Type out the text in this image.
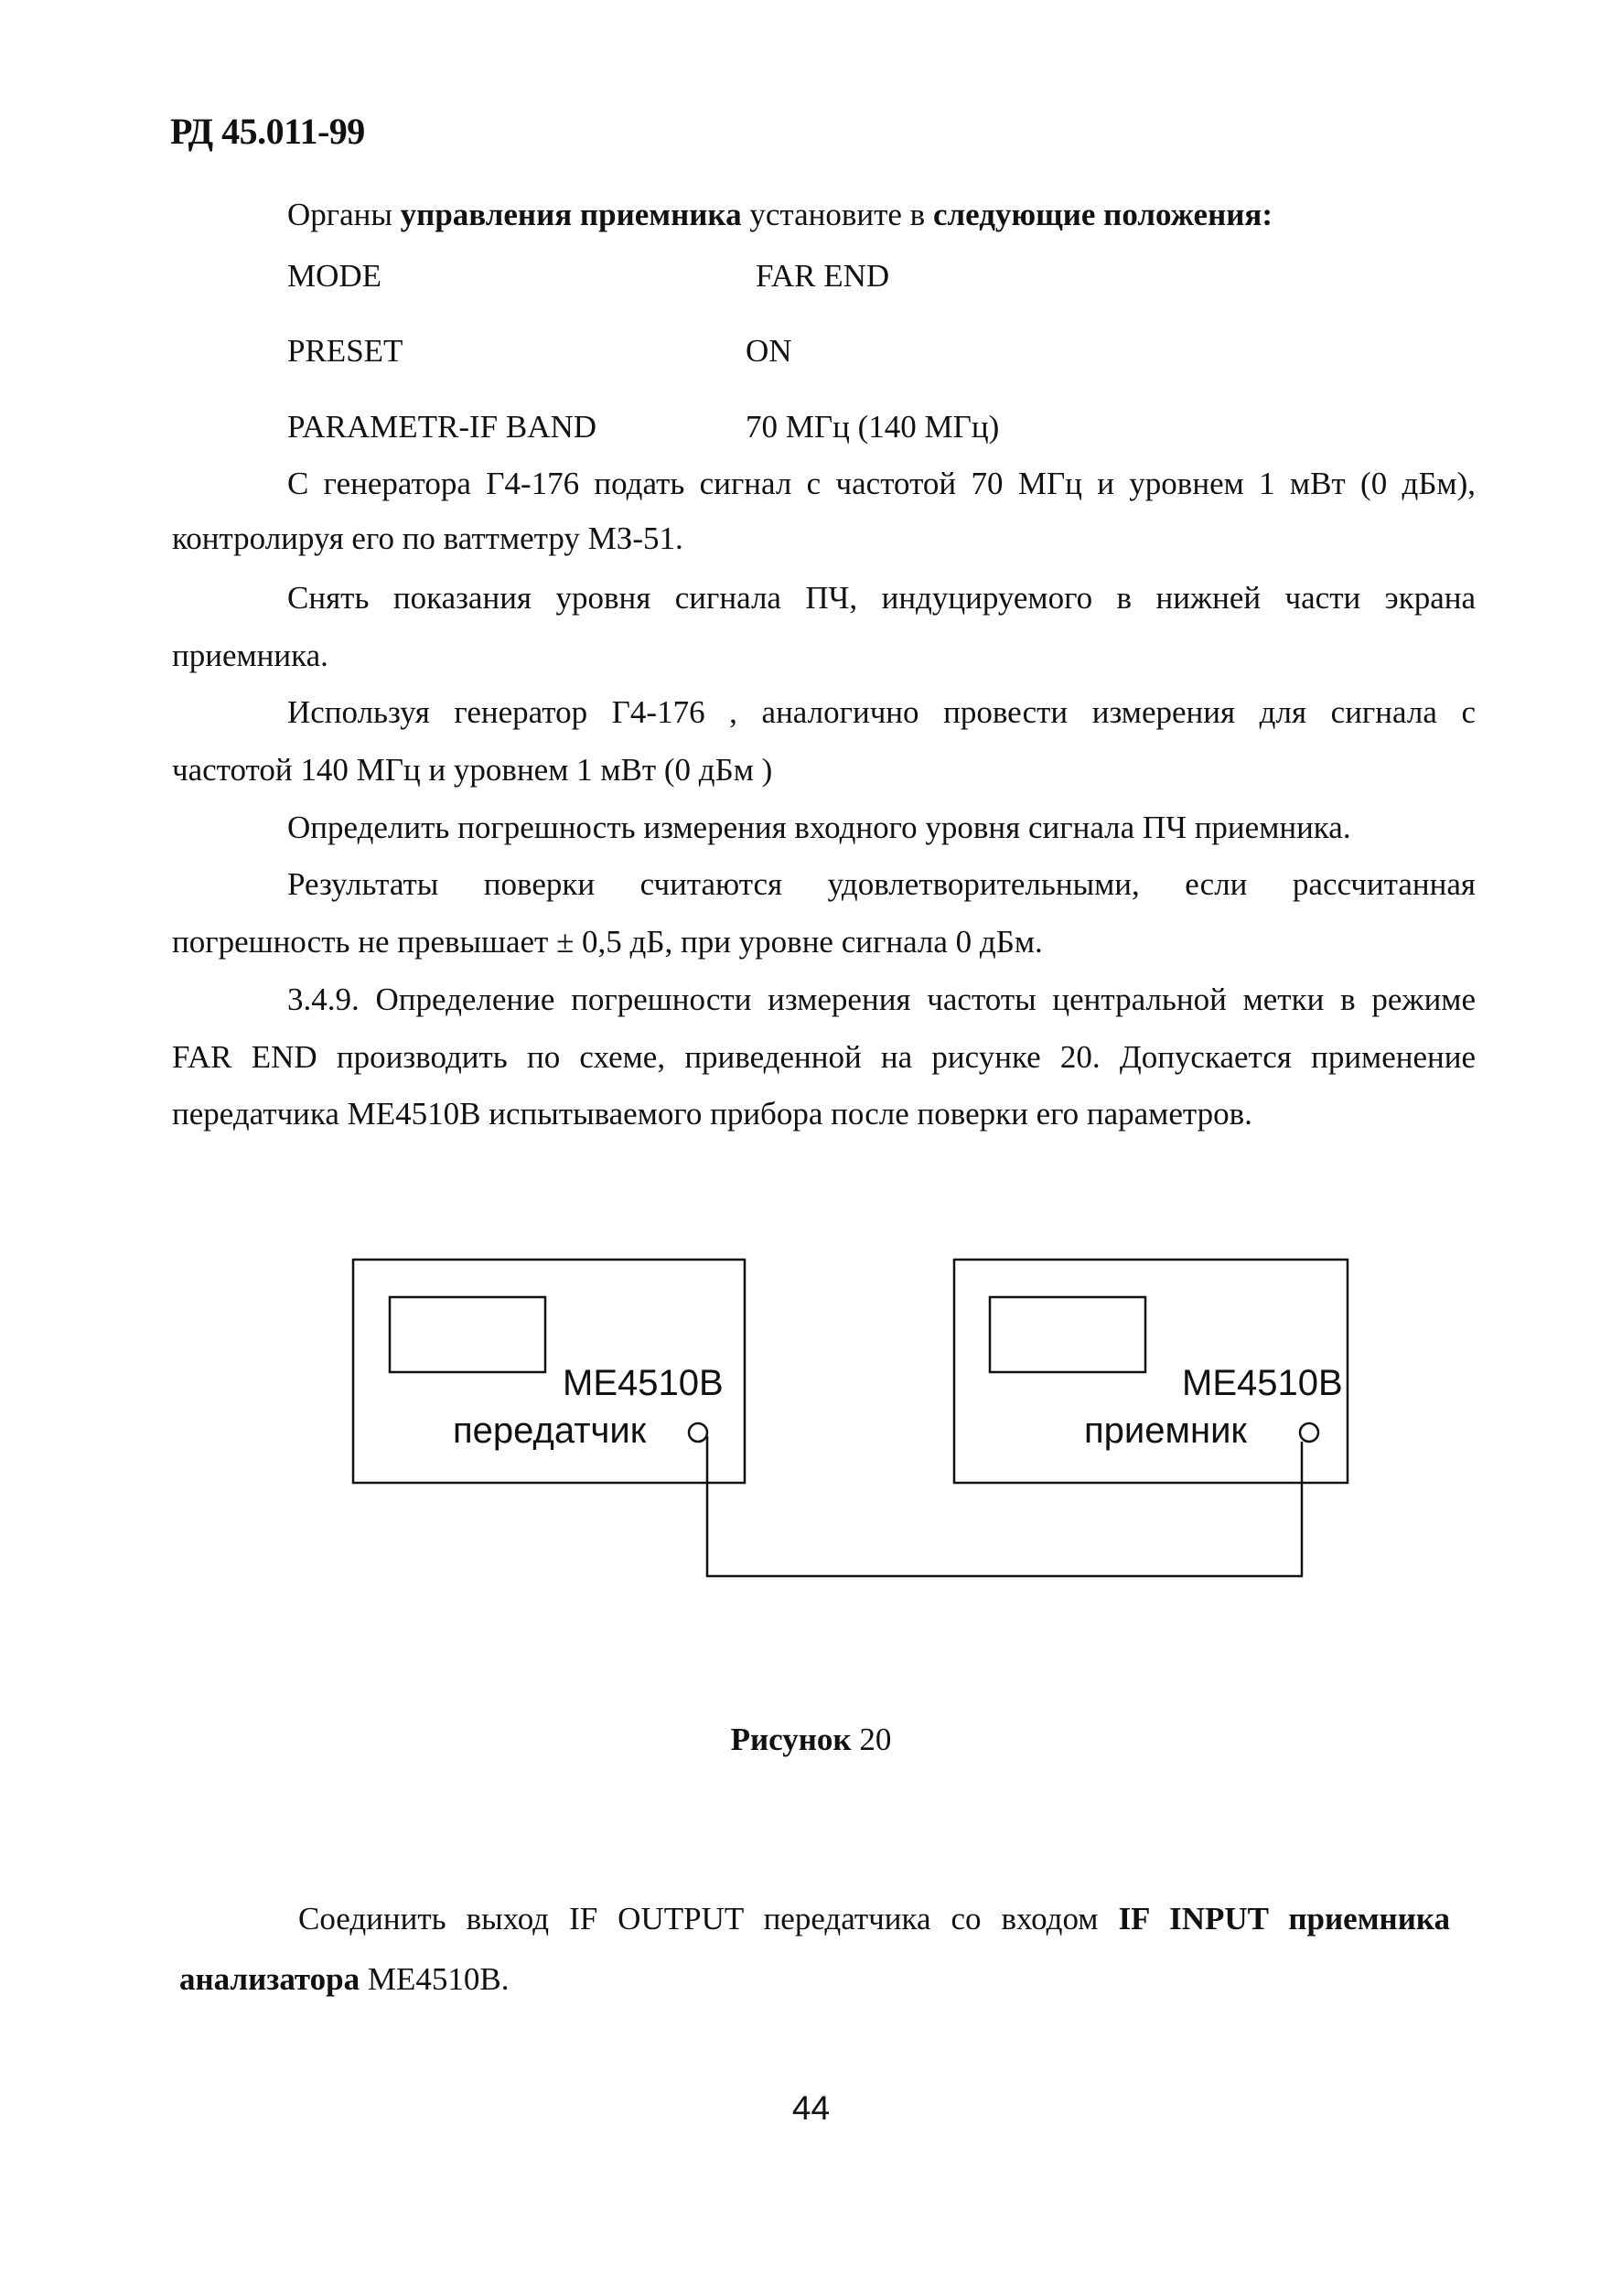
РД 45.011-99
Органы управления приемника установите в следующие положения:
MODE	FAR END
PRESET	ON
PARAMETR-IF BAND	70 МГц (140 МГц)
С генератора Г4-176 подать сигнал с частотой 70 МГц и уровнем 1 мВт (0 дБм),
контролируя его по ваттметру МЗ-51.
Снять показания уровня сигнала ПЧ, индуцируемого в нижней части экрана
приемника.
Используя генератор Г4-176 , аналогично провести измерения для сигнала с
частотой 140 МГц и уровнем 1 мВт (0 дБм )
Определить погрешность измерения входного уровня сигнала ПЧ приемника.
Результаты поверки считаются удовлетворительными, если рассчитанная
погрешность не превышает ± 0,5 дБ, при уровне сигнала 0 дБм.
3.4.9. Определение погрешности измерения частоты центральной метки в режиме
FAR END производить по схеме, приведенной на рисунке 20. Допускается применение
передатчика МЕ4510В испытываемого прибора после поверки его параметров.
МЕ4510В
передатчик
МЕ4510В
приемник
Рисунок 20
Соединить выход IF OUTPUT передатчика со входом IF INPUT приемника
анализатора МЕ4510В.
44
